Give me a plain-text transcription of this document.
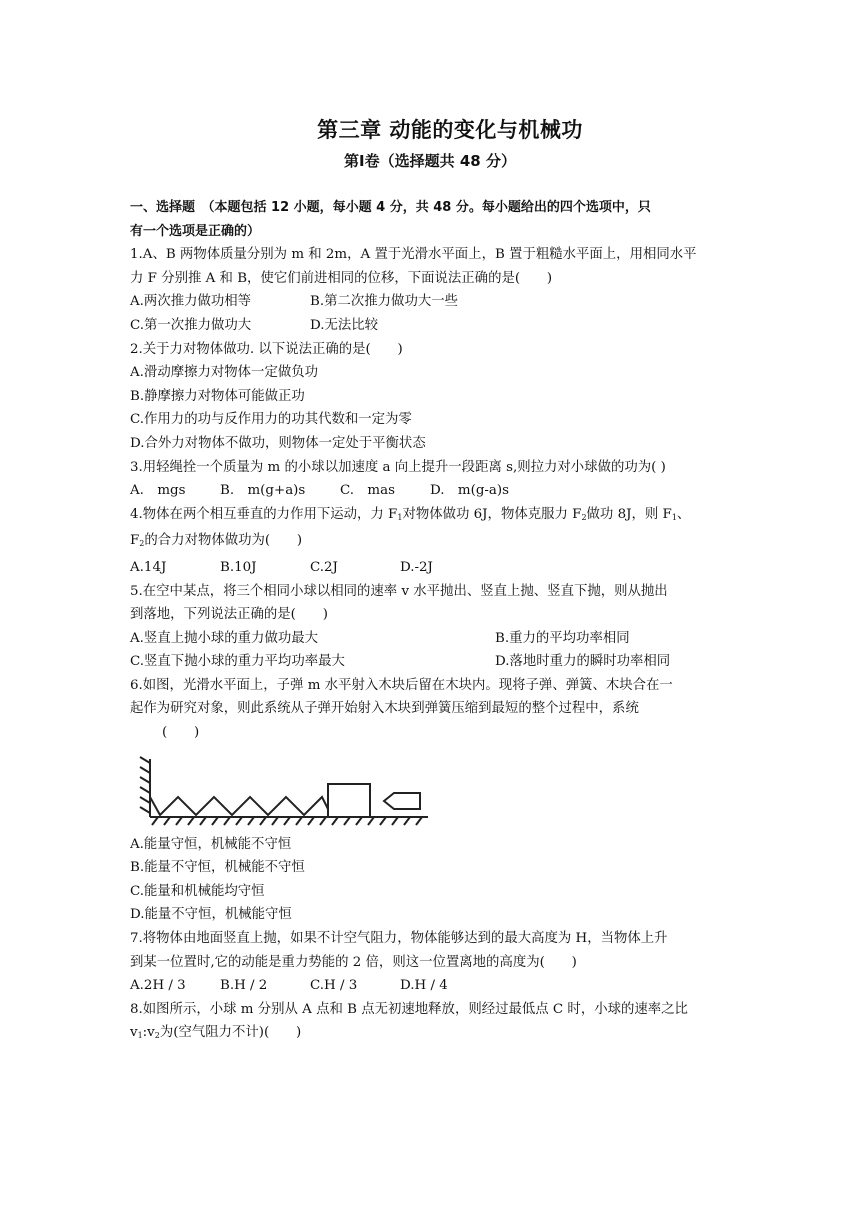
第三章 动能的变化与机械功
第Ⅰ卷（选择题共 48 分）
一、选择题　（本题包括 12 小题，每小题 4 分，共 48 分。每小题给出的四个选项中，只
有一个选项是正确的）
1.A、B 两物体质量分别为 m 和 2m，A 置于光滑水平面上，B 置于粗糙水平面上，用相同水平
力 F 分别推 A 和 B，使它们前进相同的位移，下面说法正确的是(　　)
A.两次推力做功相等	B.第二次推力做功大一些
C.第一次推力做功大	D.无法比较
2.关于力对物体做功. 以下说法正确的是(　　)
A.滑动摩擦力对物体一定做负功
B.静摩擦力对物体可能做正功
C.作用力的功与反作用力的功其代数和一定为零
D.合外力对物体不做功，则物体一定处于平衡状态
3.用轻绳拴一个质量为 m 的小球以加速度 a 向上提升一段距离 s,则拉力对小球做的功为( )
A.　mgs	B.　m(g+a)s	C.　mas	D.　m(g-a)s
4.物体在两个相互垂直的力作用下运动，力 $F_1$对物体做功 6J，物体克服力 $F_2$做功 8J，则 $F_1$、
$F_2$的合力对物体做功为(　　)
A.14J	B.10J	C.2J	D.-2J
5.在空中某点，将三个相同小球以相同的速率 v 水平抛出、竖直上抛、竖直下抛，则从抛出
到落地，下列说法正确的是(　　)
A.竖直上抛小球的重力做功最大	B.重力的平均功率相同
C.竖直下抛小球的重力平均功率最大	D.落地时重力的瞬时功率相同
6.如图，光滑水平面上，子弹 m 水平射入木块后留在木块内。现将子弹、弹簧、木块合在一
起作为研究对象，则此系统从子弹开始射入木块到弹簧压缩到最短的整个过程中，系统
(　　)
A.能量守恒，机械能不守恒
B.能量不守恒，机械能不守恒
C.能量和机械能均守恒
D.能量不守恒，机械能守恒
7.将物体由地面竖直上抛，如果不计空气阻力，物体能够达到的最大高度为 H，当物体上升
到某一位置时,它的动能是重力势能的 2 倍，则这一位置离地的高度为(　　)
A.2H / 3	B.H / 2	C.H / 3	D.H / 4
8.如图所示，小球 m 分别从 A 点和 B 点无初速地释放，则经过最低点 C 时，小球的速率之比
$v_1:v_2$为(空气阻力不计)(　　)
